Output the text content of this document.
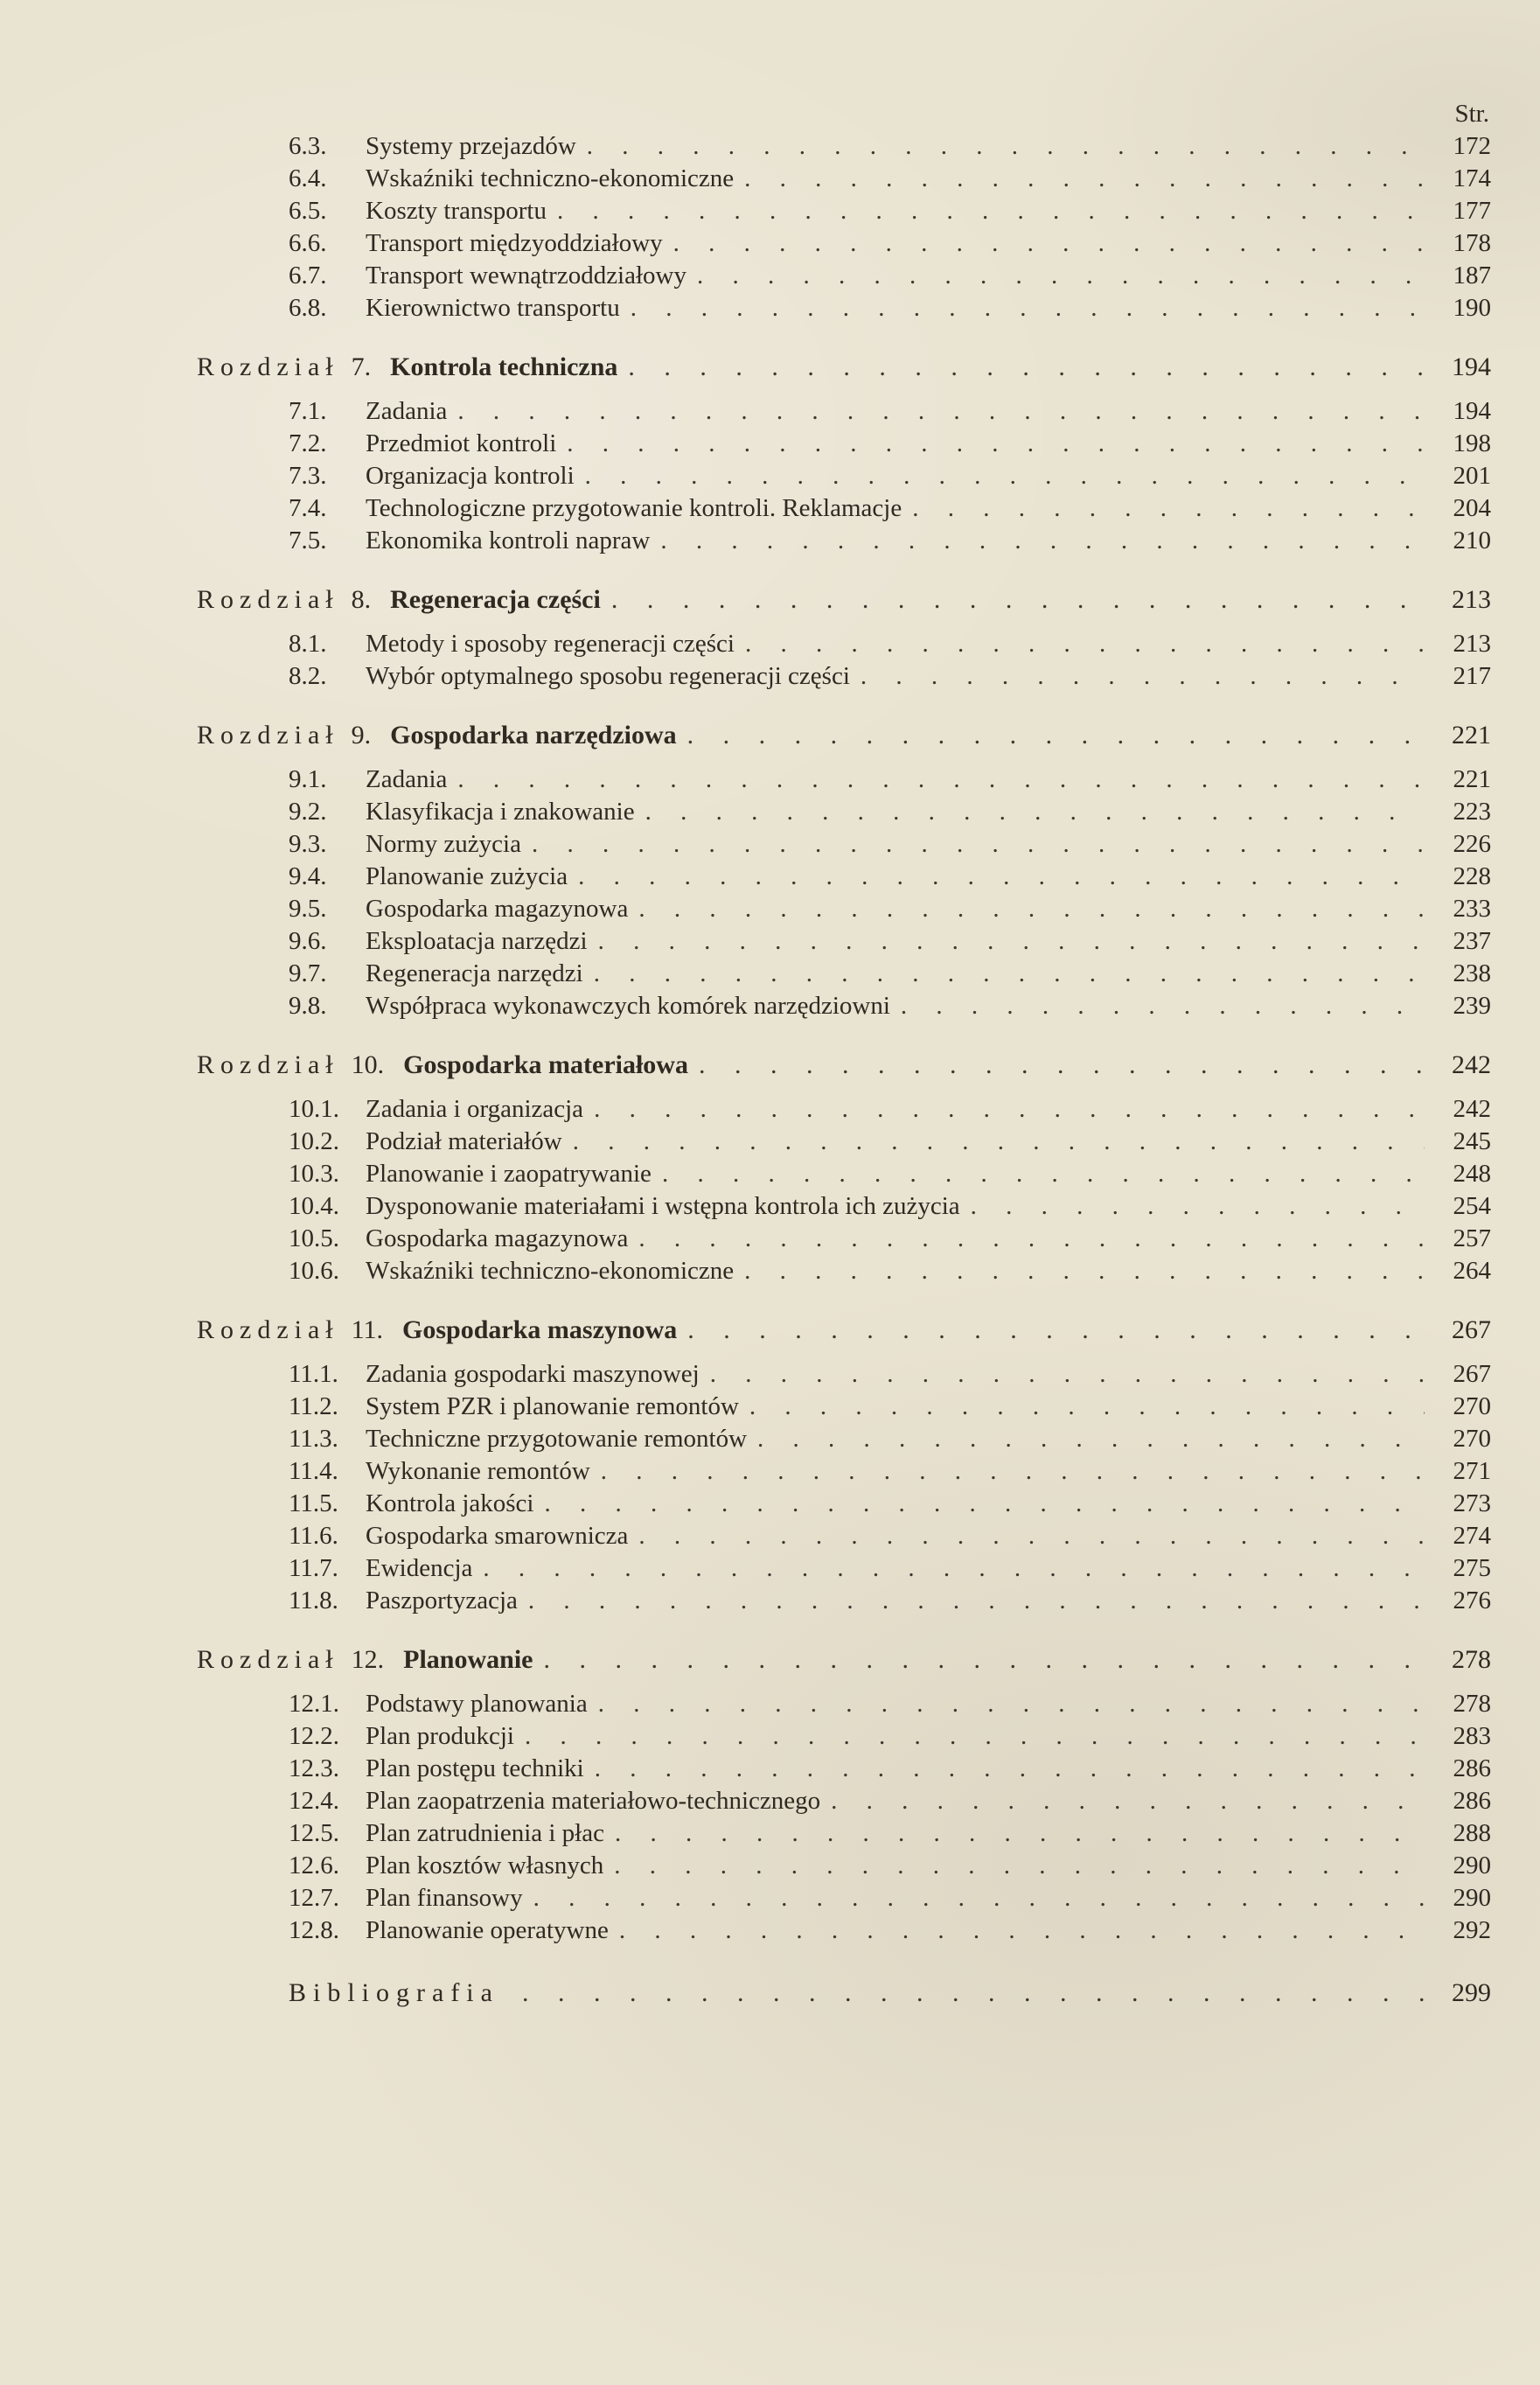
Str.
6.3.	Systemy przejazdów . . .	172
6.4.	Wskaźniki techniczno-ekonomiczne . . .	174
6.5.	Koszty transportu . . .	177
6.6.	Transport międzyoddziałowy . . .	178
6.7.	Transport wewnątrzoddziałowy . . .	187
6.8.	Kierownictwo transportu . . .	190
Rozdział 7. Kontrola techniczna . . .	194
7.1.	Zadania . . .	194
7.2.	Przedmiot kontroli . . .	198
7.3.	Organizacja kontroli . . .	201
7.4.	Technologiczne przygotowanie kontroli. Reklamacje . . .	204
7.5.	Ekonomika kontroli napraw . . .	210
Rozdział 8. Regeneracja części . . .	213
8.1.	Metody i sposoby regeneracji części . . .	213
8.2.	Wybór optymalnego sposobu regeneracji części . . .	217
Rozdział 9. Gospodarka narzędziowa . . .	221
9.1.	Zadania . . .	221
9.2.	Klasyfikacja i znakowanie . . .	223
9.3.	Normy zużycia . . .	226
9.4.	Planowanie zużycia . . .	228
9.5.	Gospodarka magazynowa . . .	233
9.6.	Eksploatacja narzędzi . . .	237
9.7.	Regeneracja narzędzi . . .	238
9.8.	Współpraca wykonawczych komórek narzędziowni . . .	239
Rozdział 10. Gospodarka materiałowa . . .	242
10.1.	Zadania i organizacja . . .	242
10.2.	Podział materiałów . . .	245
10.3.	Planowanie i zaopatrywanie . . .	248
10.4.	Dysponowanie materiałami i wstępna kontrola ich zużycia . . .	254
10.5.	Gospodarka magazynowa . . .	257
10.6.	Wskaźniki techniczno-ekonomiczne . . .	264
Rozdział 11. Gospodarka maszynowa . . .	267
11.1.	Zadania gospodarki maszynowej . . .	267
11.2.	System PZR i planowanie remontów . . .	270
11.3.	Techniczne przygotowanie remontów . . .	270
11.4.	Wykonanie remontów . . .	271
11.5.	Kontrola jakości . . .	273
11.6.	Gospodarka smarownicza . . .	274
11.7.	Ewidencja . . .	275
11.8.	Paszportyzacja . . .	276
Rozdział 12. Planowanie . . .	278
12.1.	Podstawy planowania . . .	278
12.2.	Plan produkcji . . .	283
12.3.	Plan postępu techniki . . .	286
12.4.	Plan zaopatrzenia materiałowo-technicznego . . .	286
12.5.	Plan zatrudnienia i płac . . .	288
12.6.	Plan kosztów własnych . . .	290
12.7.	Plan finansowy . . .	290
12.8.	Planowanie operatywne . . .	292
Bibliografia . . .	299
